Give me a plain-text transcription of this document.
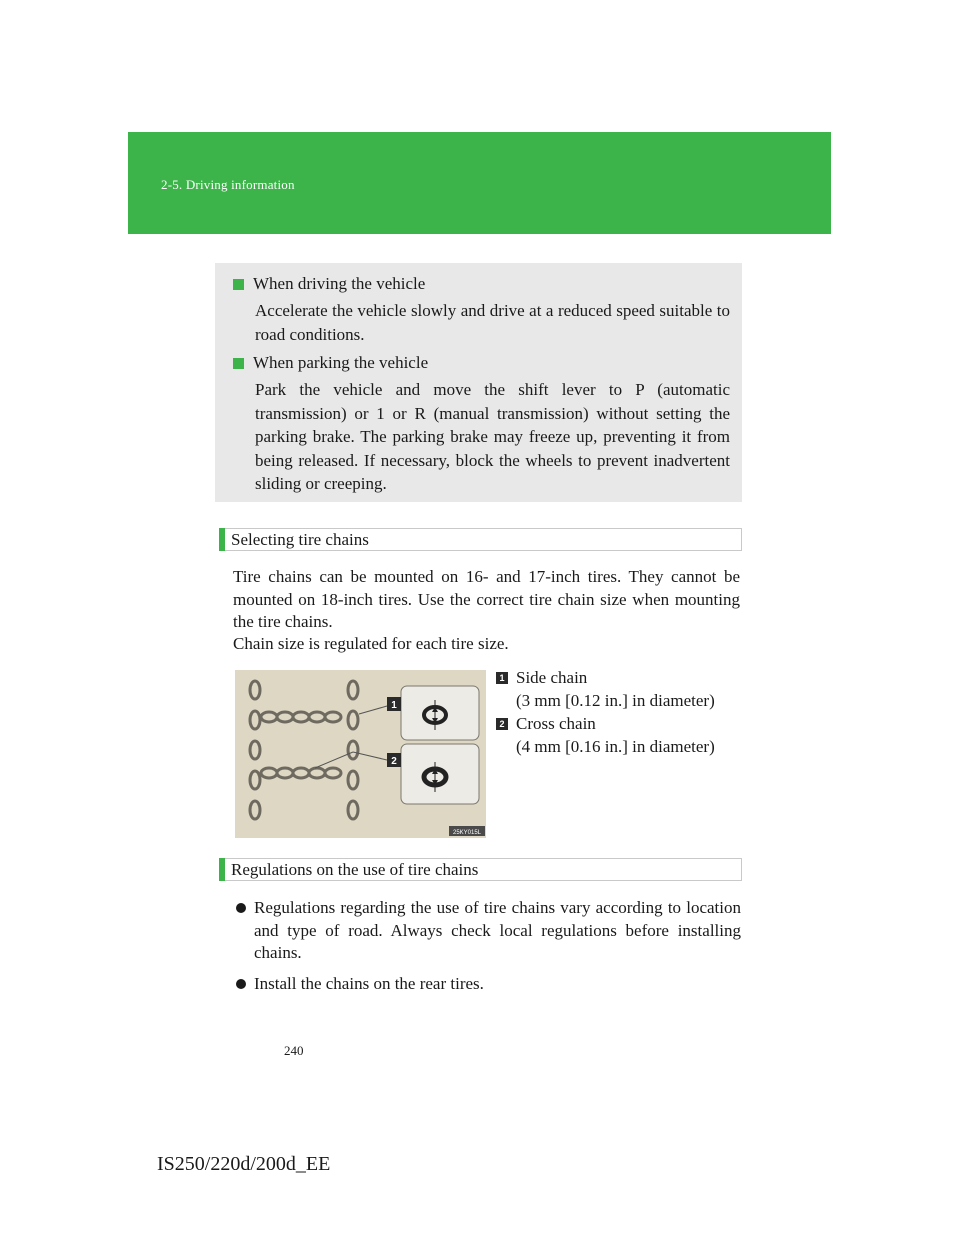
2-5. Driving information
When driving the vehicle
Accelerate the vehicle slowly and drive at a reduced speed suitable to road conditions.
When parking the vehicle
Park the vehicle and move the shift lever to P (automatic transmission) or 1 or R (manual transmission) without setting the parking brake. The parking brake may freeze up, preventing it from being released. If necessary, block the wheels to prevent inadvertent sliding or creeping.
Selecting tire chains
Tire chains can be mounted on 16- and 17-inch tires. They cannot be mounted on 18-inch tires. Use the correct tire chain size when mounting the tire chains.
Chain size is regulated for each tire size.
1
2
25KY015L
1 Side chain
(3 mm [0.12 in.] in diameter)
2 Cross chain
(4 mm [0.16 in.] in diameter)
Regulations on the use of tire chains
Regulations regarding the use of tire chains vary according to location and type of road. Always check local regulations before installing chains.
Install the chains on the rear tires.
240
IS250/220d/200d_EE
